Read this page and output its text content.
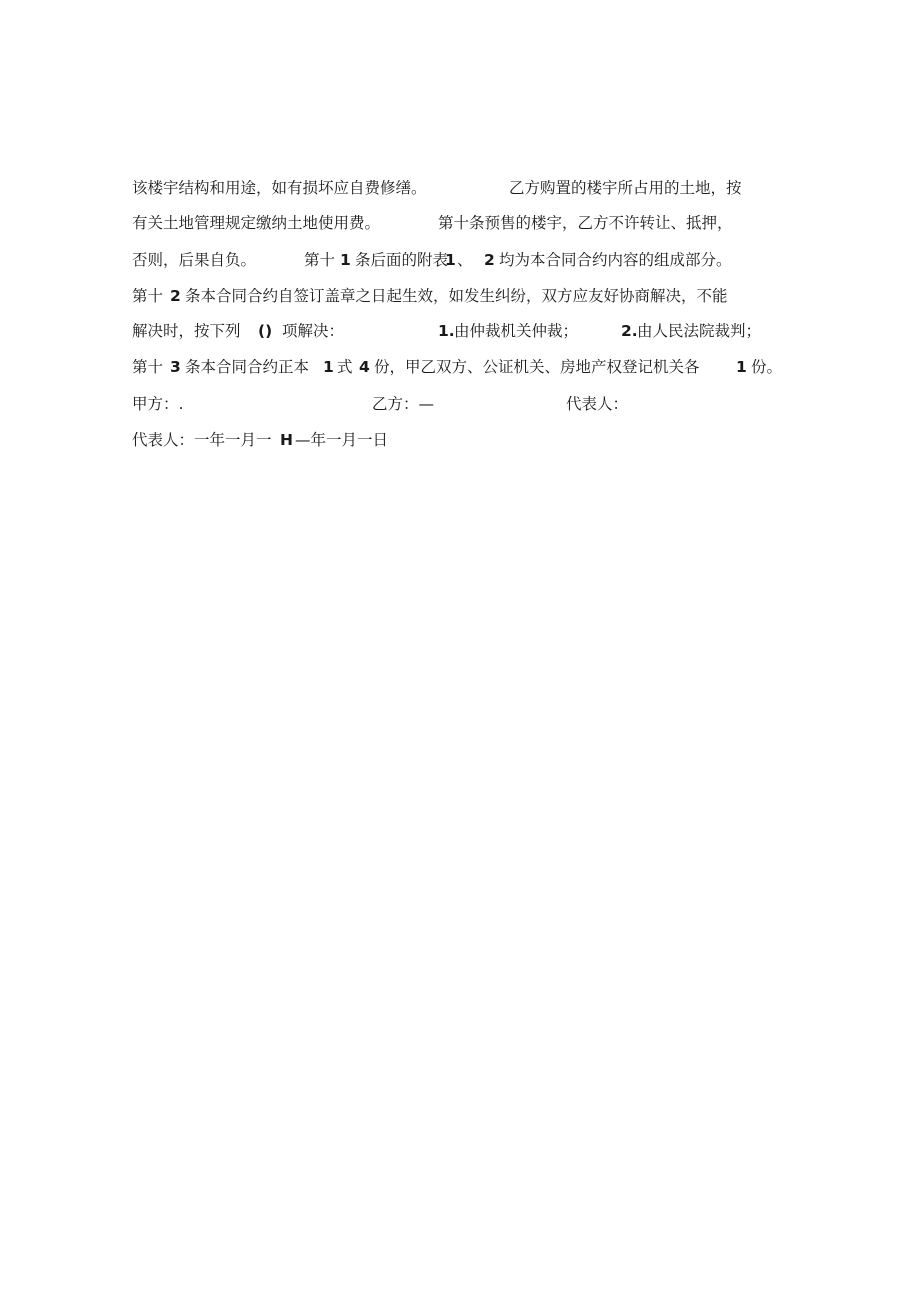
该楼宇结构和用途，如有损坏应自费修缮。	乙方购置的楼宇所占用的土地，按
有关土地管理规定缴纳土地使用费。	第十条预售的楼宇，乙方不许转让、抵押，
否则，后果自负。	第十 1 条后面的附表
1 、 2 均为本合同合约内容的组成部分。
第十 2 条本合同合约自签订盖章之日起生效，如发生纠纷，双方应友好协商解决，不能
解决时，按下列 () 项解决：	1. 由仲裁机关仲裁；	2. 由人民法院裁判；
第十 3 条本合同合约正本 1 式 4 份，甲乙双方、公证机关、房地产权登记机关各 1 份。
甲方：.	乙方：—	代表人：
代表人：一年一月一 H —年一月一日
